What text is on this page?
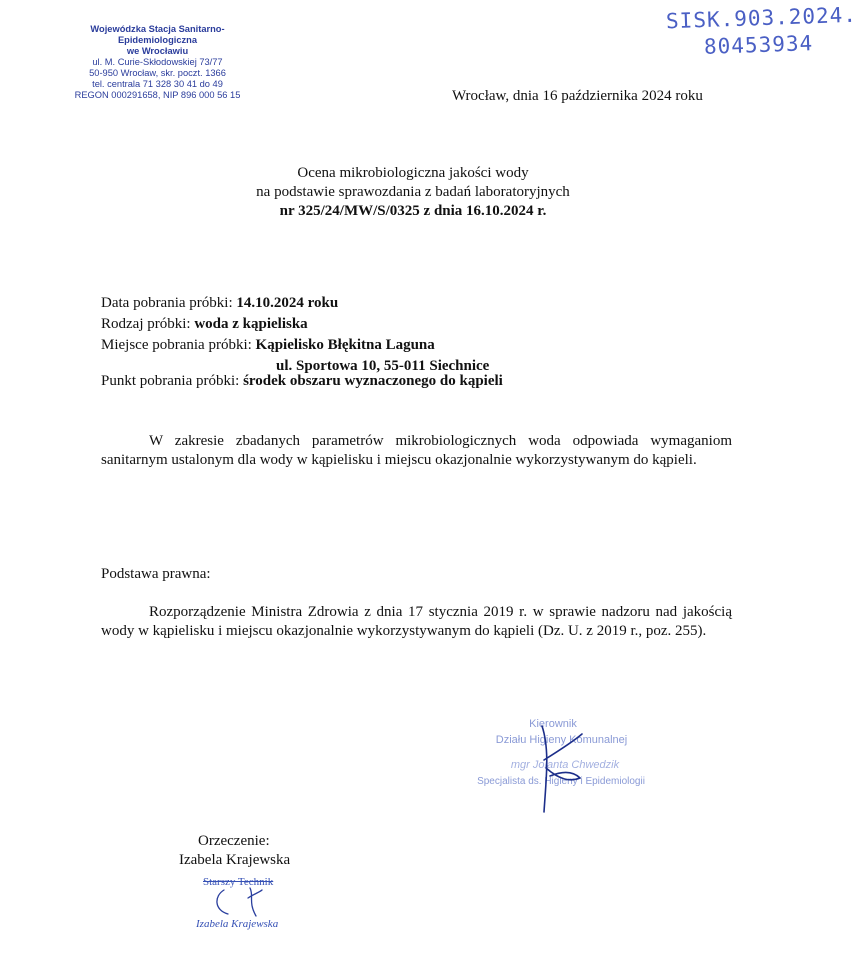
Wojewódzka Stacja Sanitarno-Epidemiologiczna
we Wrocławiu
ul. M. Curie-Skłodowskiej 73/77
50-950 Wrocław, skr. poczt. 1366
tel. centrala 71 328 30 41 do 49
REGON 000291658, NIP 896 000 56 15
SISK.903.2024.
80453934
Wrocław, dnia 16 października 2024 roku
Ocena mikrobiologiczna jakości wody
na podstawie sprawozdania z badań laboratoryjnych
nr 325/24/MW/S/0325 z dnia 16.10.2024 r.
Data pobrania próbki: 14.10.2024 roku
Rodzaj próbki: woda z kąpieliska
Miejsce pobrania próbki: Kąpielisko Błękitna Laguna
ul. Sportowa 10, 55-011 Siechnice
Punkt pobrania próbki: środek obszaru wyznaczonego do kąpieli
W zakresie zbadanych parametrów mikrobiologicznych woda odpowiada wymaganiom sanitarnym ustalonym dla wody w kąpielisku i miejscu okazjonalnie wykorzystywanym do kąpieli.
Podstawa prawna:
Rozporządzenie Ministra Zdrowia z dnia 17 stycznia 2019 r. w sprawie nadzoru nad jakością wody w kąpielisku i miejscu okazjonalnie wykorzystywanym do kąpieli (Dz. U. z 2019 r., poz. 255).
Kierownik
Działu Higieny Komunalnej
mgr Jolanta Chwedzik
Specjalista ds. Higieny i Epidemiologii
Orzeczenie:
Izabela Krajewska
Starszy Technik
Izabela Krajewska
